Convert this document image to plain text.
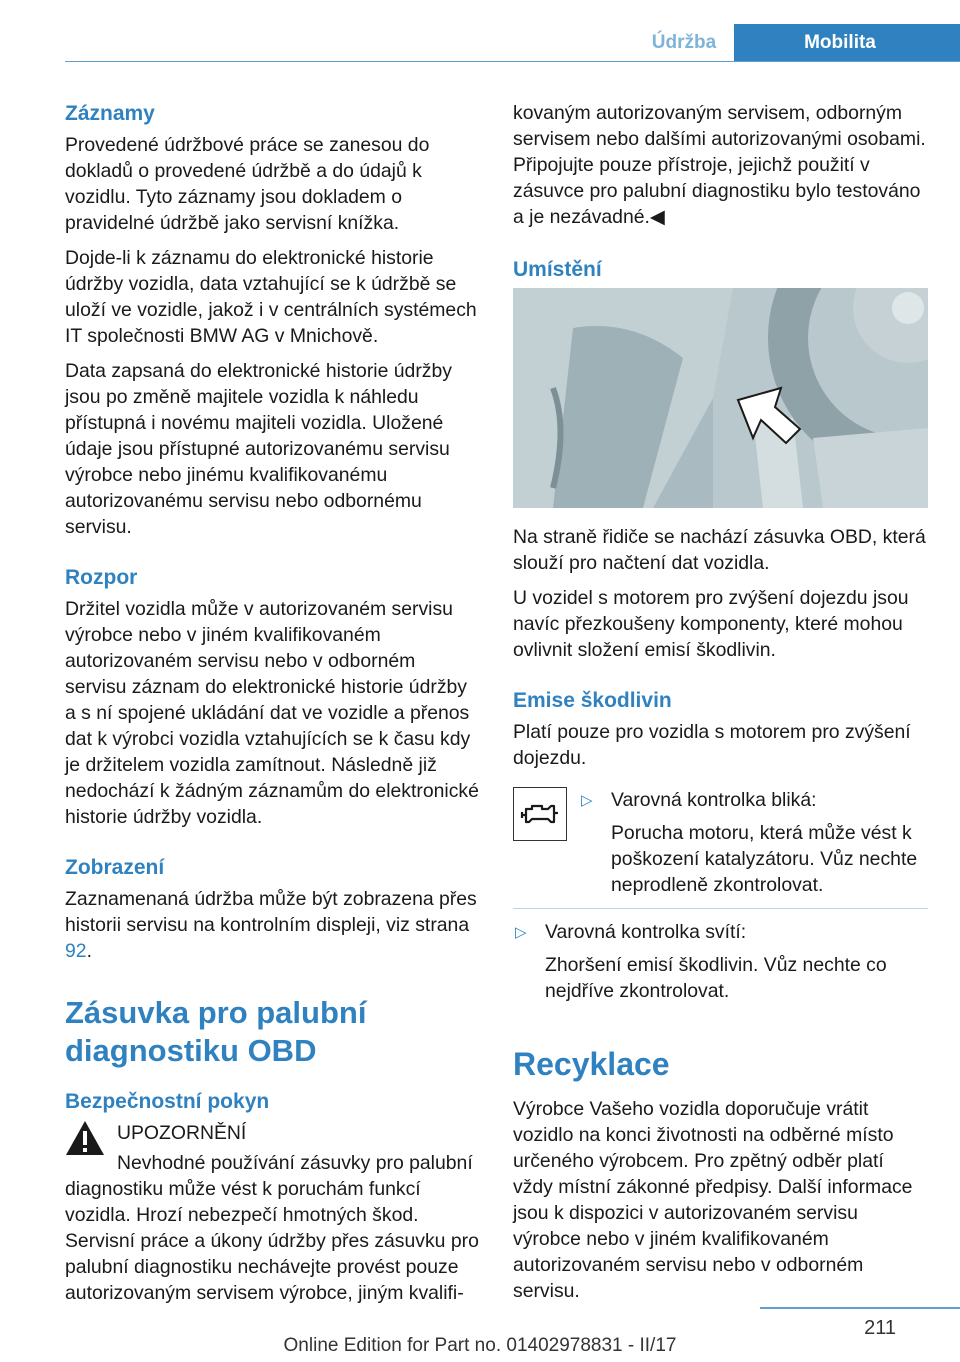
Údržba	Mobilita
Záznamy

Provedené údržbové práce se zanesou do dokladů o provedené údržbě a do údajů k vozidlu. Tyto záznamy jsou dokladem o pravidelné údržbě jako servisní knížka.

Dojde-li k záznamu do elektronické historie údržby vozidla, data vztahující se k údržbě se uloží ve vozidle, jakož i v centrálních systémech IT společnosti BMW AG v Mnichově.

Data zapsaná do elektronické historie údržby jsou po změně majitele vozidla k náhledu přístupná i novému majiteli vozidla. Uložené údaje jsou přístupné autorizovanému servisu výrobce nebo jinému kvalifikovanému autorizovanému servisu nebo odbornému servisu.

Rozpor

Držitel vozidla může v autorizovaném servisu výrobce nebo v jiném kvalifikovaném autorizovaném servisu nebo v odborném servisu záznam do elektronické historie údržby a s ní spojené ukládání dat ve vozidle a přenos dat k výrobci vozidla vztahujících se k času kdy je držitelem vozidla zamítnout. Následně již nedochází k žádným záznamům do elektronické historie údržby vozidla.

Zobrazení

Zaznamenaná údržba může být zobrazena přes historii servisu na kontrolním displeji, viz strana 92.

Zásuvka pro palubní diagnostiku OBD
Bezpečnostní pokyn

UPOZORNĚNÍ

Nevhodné používání zásuvky pro palubní diagnostiku může vést k poruchám funkcí vozidla. Hrozí nebezpečí hmotných škod. Servisní práce a úkony údržby přes zásuvku pro palubní diagnostiku nechávejte provést pouze autorizovaným servisem výrobce, jiným kvalifi-

kovaným autorizovaným servisem, odborným servisem nebo dalšími autorizovanými osobami. Připojujte pouze přístroje, jejichž použití v zásuvce pro palubní diagnostiku bylo testováno a je nezávadné.◀

Umístění

Na straně řidiče se nachází zásuvka OBD, která slouží pro načtení dat vozidla.

U vozidel s motorem pro zvýšení dojezdu jsou navíc přezkoušeny komponenty, které mohou ovlivnit složení emisí škodlivin.

Emise škodlivin

Platí pouze pro vozidla s motorem pro zvýšení dojezdu.

▷ Varovná kontrolka bliká:
Porucha motoru, která může vést k poškození katalyzátoru. Vůz nechte neprodleně zkontrolovat.
▷ Varovná kontrolka svítí:
Zhoršení emisí škodlivin. Vůz nechte co nejdříve zkontrolovat.
Recyklace

Výrobce Vašeho vozidla doporučuje vrátit vozidlo na konci životnosti na odběrné místo určeného výrobcem. Pro zpětný odběr platí vždy místní zákonné předpisy. Další informace jsou k dispozici v autorizovaném servisu výrobce nebo v jiném kvalifikovaném autorizovaném servisu nebo v odborném servisu.

211
Online Edition for Part no. 01402978831 - II/17
